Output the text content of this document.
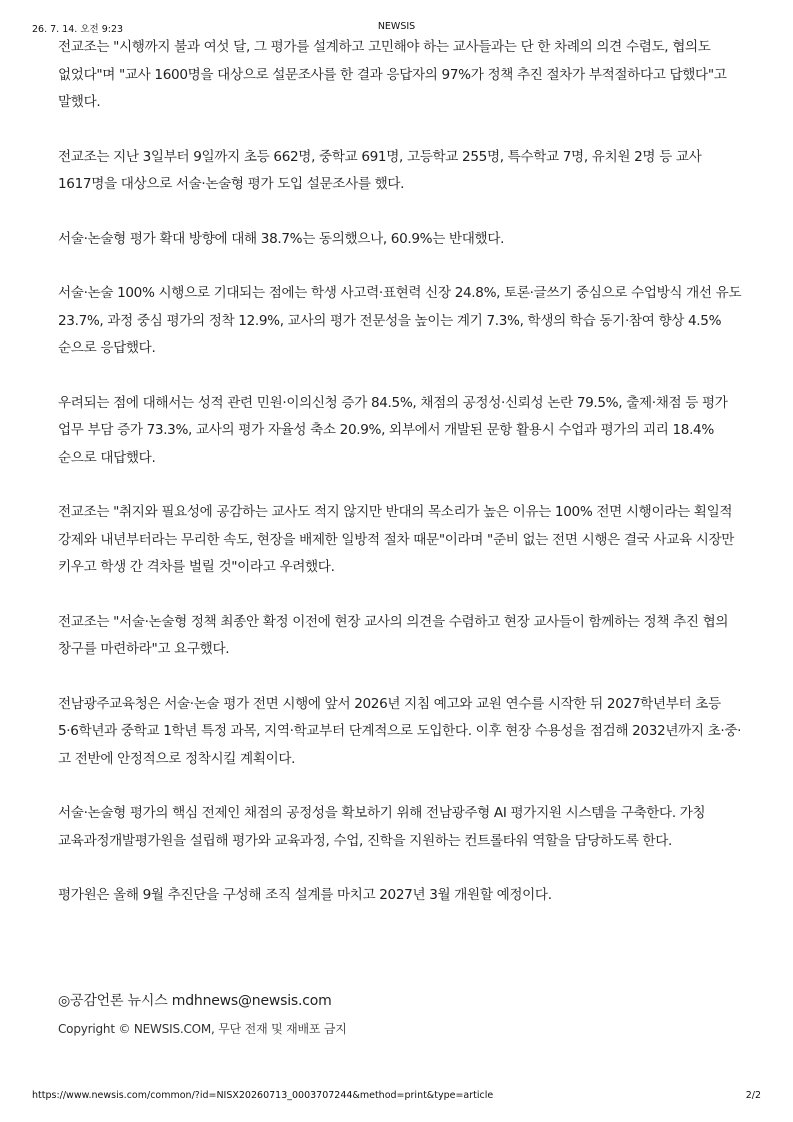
26. 7. 14. 오전 9:23	NEWSIS

전교조는 "시행까지 불과 여섯 달, 그 평가를 설계하고 고민해야 하는 교사들과는 단 한 차례의 의견 수렴도, 협의도 없었다"며 "교사 1600명을 대상으로 설문조사를 한 결과 응답자의 97%가 정책 추진 절차가 부적절하다고 답했다"고 말했다.

전교조는 지난 3일부터 9일까지 초등 662명, 중학교 691명, 고등학교 255명, 특수학교 7명, 유치원 2명 등 교사 1617명을 대상으로 서술·논술형 평가 도입 설문조사를 했다.

서술·논술형 평가 확대 방향에 대해 38.7%는 동의했으나, 60.9%는 반대했다.

서술·논술 100% 시행으로 기대되는 점에는 학생 사고력·표현력 신장 24.8%, 토론·글쓰기 중심으로 수업방식 개선 유도 23.7%, 과정 중심 평가의 정착 12.9%, 교사의 평가 전문성을 높이는 계기 7.3%, 학생의 학습 동기·참여 향상 4.5% 순으로 응답했다.

우려되는 점에 대해서는 성적 관련 민원·이의신청 증가 84.5%, 채점의 공정성·신뢰성 논란 79.5%, 출제·채점 등 평가 업무 부담 증가 73.3%, 교사의 평가 자율성 축소 20.9%, 외부에서 개발된 문항 활용시 수업과 평가의 괴리 18.4% 순으로 대답했다.

전교조는 "취지와 필요성에 공감하는 교사도 적지 않지만 반대의 목소리가 높은 이유는 100% 전면 시행이라는 획일적 강제와 내년부터라는 무리한 속도, 현장을 배제한 일방적 절차 때문"이라며 "준비 없는 전면 시행은 결국 사교육 시장만 키우고 학생 간 격차를 벌릴 것"이라고 우려했다.

전교조는 "서술·논술형 정책 최종안 확정 이전에 현장 교사의 의견을 수렴하고 현장 교사들이 함께하는 정책 추진 협의 창구를 마련하라"고 요구했다.

전남광주교육청은 서술·논술 평가 전면 시행에 앞서 2026년 지침 예고와 교원 연수를 시작한 뒤 2027학년부터 초등 5·6학년과 중학교 1학년 특정 과목, 지역·학교부터 단계적으로 도입한다. 이후 현장 수용성을 점검해 2032년까지 초·중·고 전반에 안정적으로 정착시킬 계획이다.

서술·논술형 평가의 핵심 전제인 채점의 공정성을 확보하기 위해 전남광주형 AI 평가지원 시스템을 구축한다. 가칭 교육과정개발평가원을 설립해 평가와 교육과정, 수업, 진학을 지원하는 컨트롤타워 역할을 담당하도록 한다.

평가원은 올해 9월 추진단을 구성해 조직 설계를 마치고 2027년 3월 개원할 예정이다.

◎공감언론 뉴시스 mdhnews@newsis.com
Copyright © NEWSIS.COM, 무단 전재 및 재배포 금지
https://www.newsis.com/common/?id=NISX20260713_0003707244&method=print&type=article	2/2
